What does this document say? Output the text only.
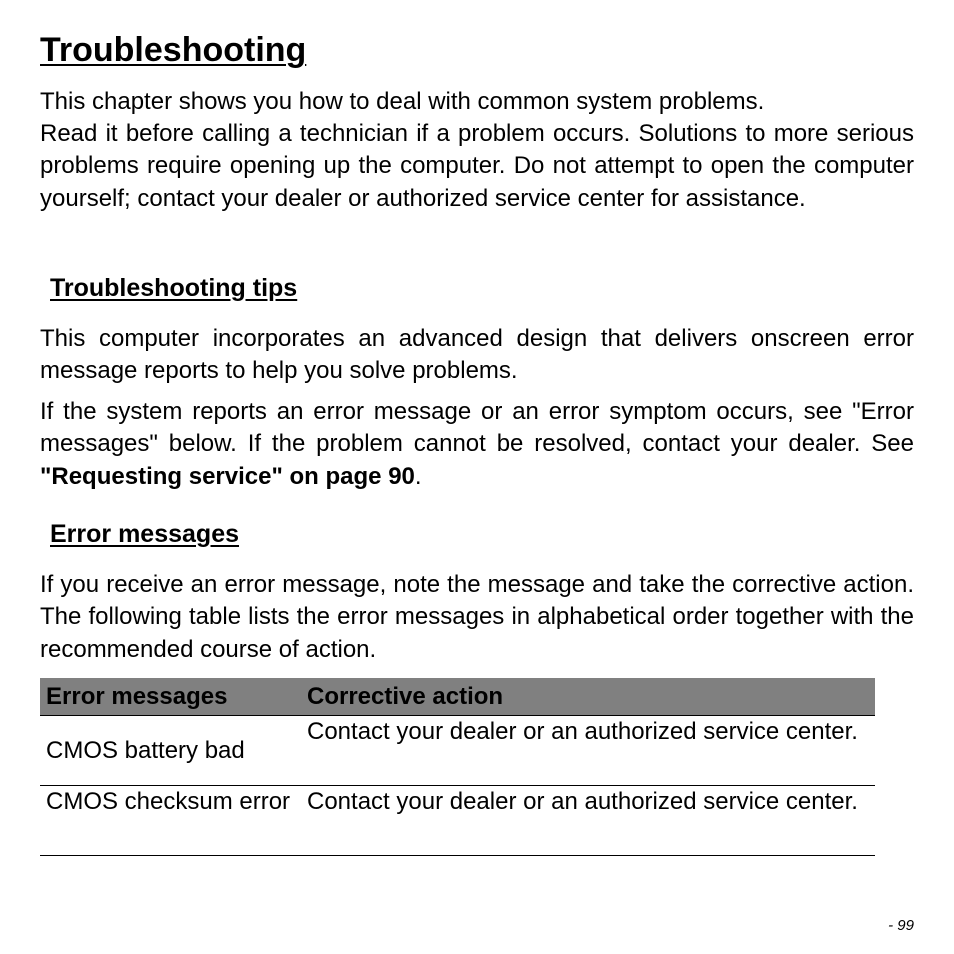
Troubleshooting

This chapter shows you how to deal with common system problems.

Read it before calling a technician if a problem occurs. Solutions to more serious problems require opening up the computer. Do not attempt to open the computer yourself; contact your dealer or authorized service center for assistance.

Troubleshooting tips

This computer incorporates an advanced design that delivers onscreen error message reports to help you solve problems.

If the system reports an error message or an error symptom occurs, see "Error messages" below. If the problem cannot be resolved, contact your dealer. See "Requesting service" on page 90.

Error messages

If you receive an error message, note the message and take the corrective action. The following table lists the error messages in alphabetical order together with the recommended course of action.

Error messages	Corrective action
CMOS battery bad	Contact your dealer or an authorized service center.
CMOS checksum error	Contact your dealer or an authorized service center.
- 99
